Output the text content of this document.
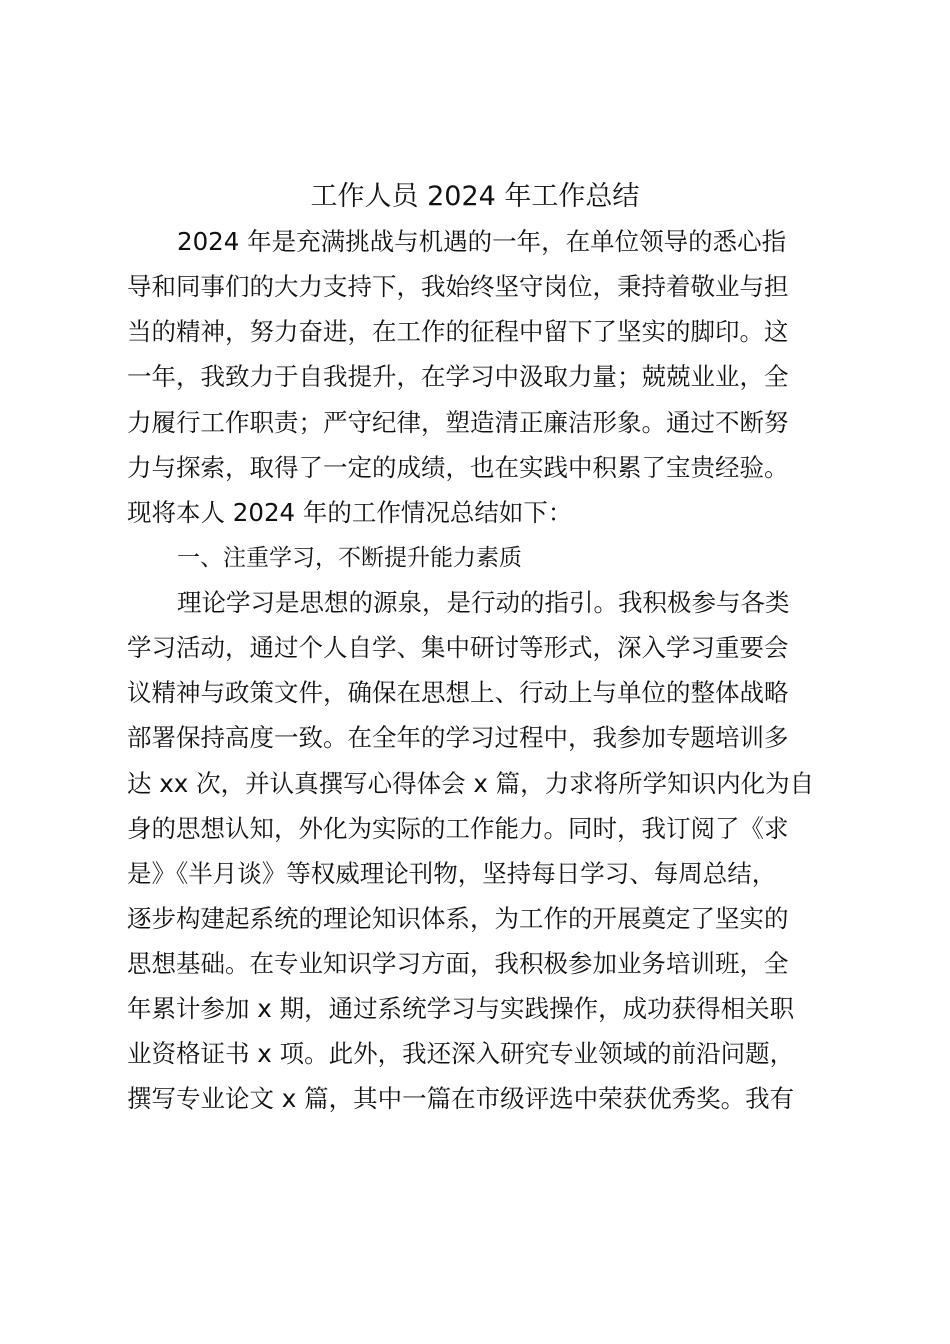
工作人员 2024 年工作总结
2024 年是充满挑战与机遇的一年，在单位领导的悉心指
导和同事们的大力支持下，我始终坚守岗位，秉持着敬业与担
当的精神，努力奋进，在工作的征程中留下了坚实的脚印。这
一年，我致力于自我提升，在学习中汲取力量；兢兢业业，全
力履行工作职责；严守纪律，塑造清正廉洁形象。通过不断努
力与探索，取得了一定的成绩，也在实践中积累了宝贵经验。
现将本人 2024 年的工作情况总结如下：
一、注重学习，不断提升能力素质
理论学习是思想的源泉，是行动的指引。我积极参与各类
学习活动，通过个人自学、集中研讨等形式，深入学习重要会
议精神与政策文件，确保在思想上、行动上与单位的整体战略
部署保持高度一致。在全年的学习过程中，我参加专题培训多
达 xx 次，并认真撰写心得体会 x 篇，力求将所学知识内化为自
身的思想认知，外化为实际的工作能力。同时，我订阅了《求
是》《半月谈》等权威理论刊物，坚持每日学习、每周总结，
逐步构建起系统的理论知识体系，为工作的开展奠定了坚实的
思想基础。在专业知识学习方面，我积极参加业务培训班，全
年累计参加 x 期，通过系统学习与实践操作，成功获得相关职
业资格证书 x 项。此外，我还深入研究专业领域的前沿问题，
撰写专业论文 x 篇，其中一篇在市级评选中荣获优秀奖。我有
